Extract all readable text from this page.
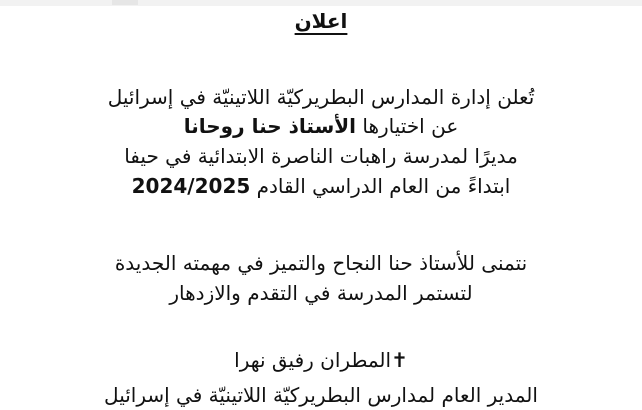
اعلان
تُعلن إدارة المدارس البطريركيّة اللاتينيّة في إسرائيل
عن اختيارها الأستاذ حنا روحانا
مديرًا لمدرسة راهبات الناصرة الابتدائية في حيفا
ابتداءً من العام الدراسي القادم 2024/2025
نتمنى للأستاذ حنا النجاح والتميز في مهمته الجديدة
لتستمر المدرسة في التقدم والازدهار
✝المطران رفيق نهرا
المدير العام لمدارس البطريركيّة اللاتينيّة في إسرائيل
